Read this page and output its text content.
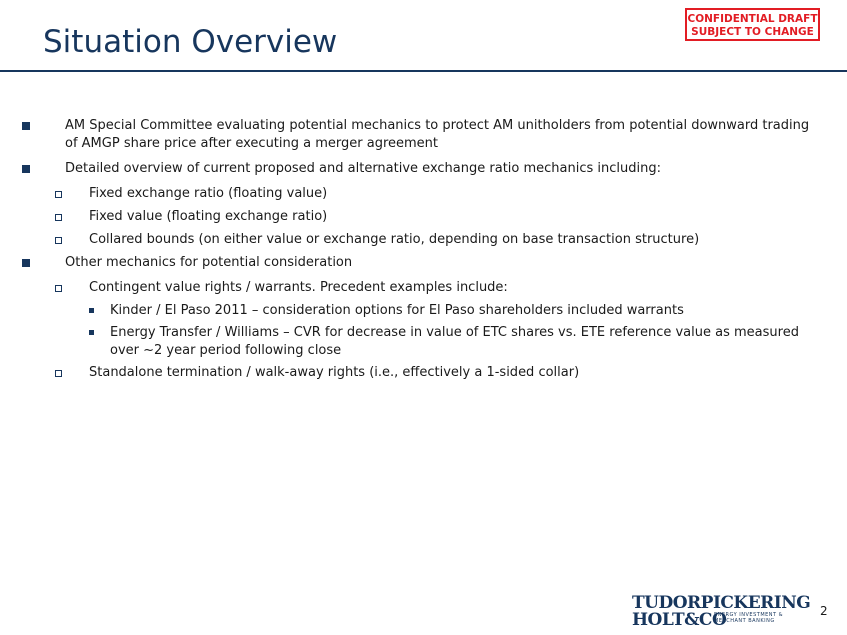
Situation Overview
CONFIDENTIAL DRAFT
SUBJECT TO CHANGE
AM Special Committee evaluating potential mechanics to protect AM unitholders from potential downward trading of AMGP share price after executing a merger agreement
Detailed overview of current proposed and alternative exchange ratio mechanics including:
Fixed exchange ratio (floating value)
Fixed value (floating exchange ratio)
Collared bounds (on either value or exchange ratio, depending on base transaction structure)
Other mechanics for potential consideration
Contingent value rights / warrants. Precedent examples include:
Kinder / El Paso 2011 – consideration options for El Paso shareholders included warrants
Energy Transfer / Williams – CVR for decrease in value of ETC shares vs. ETE reference value as measured over ~2 year period following close
Standalone termination / walk-away rights (i.e., effectively a 1-sided collar)
TUDORPICKERING
HOLT&CO
ENERGY INVESTMENT &
MERCHANT BANKING
2
